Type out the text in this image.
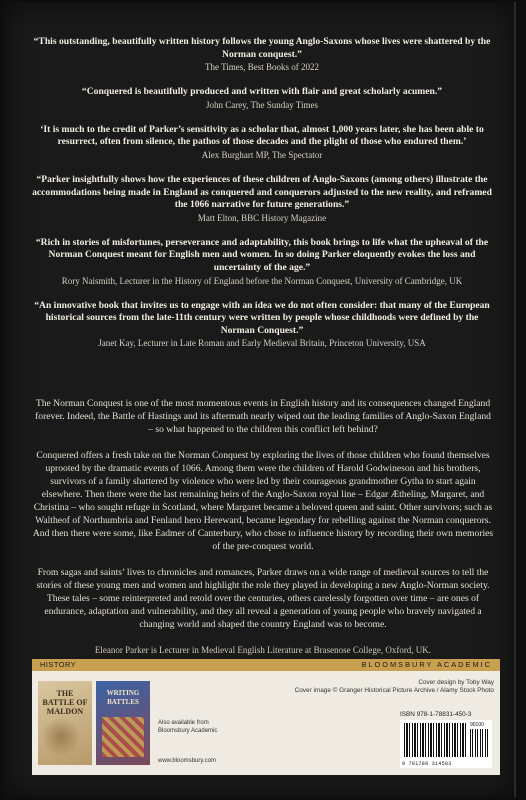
“This outstanding, beautifully written history follows the young Anglo-Saxons whose lives were shattered by the Norman conquest.”
The Times, Best Books of 2022
“Conquered is beautifully produced and written with flair and great scholarly acumen.”
John Carey, The Sunday Times
‘It is much to the credit of Parker’s sensitivity as a scholar that, almost 1,000 years later, she has been able to resurrect, often from silence, the pathos of those decades and the plight of those who endured them.’
Alex Burghart MP, The Spectator
“Parker insightfully shows how the experiences of these children of Anglo-Saxons (among others) illustrate the accommodations being made in England as conquered and conquerors adjusted to the new reality, and reframed the 1066 narrative for future generations.”
Matt Elton, BBC History Magazine
“Rich in stories of misfortunes, perseverance and adaptability, this book brings to life what the upheaval of the Norman Conquest meant for English men and women. In so doing Parker eloquently evokes the loss and uncertainty of the age.”
Rory Naismith, Lecturer in the History of England before the Norman Conquest, University of Cambridge, UK
“An innovative book that invites us to engage with an idea we do not often consider: that many of the European historical sources from the late-11th century were written by people whose childhoods were defined by the Norman Conquest.”
Janet Kay, Lecturer in Late Roman and Early Medieval Britain, Princeton University, USA

The Norman Conquest is one of the most momentous events in English history and its consequences changed England forever. Indeed, the Battle of Hastings and its aftermath nearly wiped out the leading families of Anglo-Saxon England – so what happened to the children this conflict left behind?

Conquered offers a fresh take on the Norman Conquest by exploring the lives of those children who found themselves uprooted by the dramatic events of 1066. Among them were the children of Harold Godwineson and his brothers, survivors of a family shattered by violence who were led by their courageous grandmother Gytha to start again elsewhere. Then there were the last remaining heirs of the Anglo-Saxon royal line – Edgar Ætheling, Margaret, and Christina – who sought refuge in Scotland, where Margaret became a beloved queen and saint. Other survivors; such as Waltheof of Northumbria and Fenland hero Hereward, became legendary for rebelling against the Norman conquerors. And then there were some, like Eadmer of Canterbury, who chose to influence history by recording their own memories of the pre-conquest world.

From sagas and saints’ lives to chronicles and romances, Parker draws on a wide range of medieval sources to tell the stories of these young men and women and highlight the role they played in developing a new Anglo-Norman society. These tales – some reinterpreted and retold over the centuries, others carelessly forgotten over time – are ones of endurance, adaptation and vulnerability, and they all reveal a generation of young people who bravely navigated a changing world and shaped the country England was to become.

Eleanor Parker is Lecturer in Medieval English Literature at Brasenose College, Oxford, UK.

HISTORY	BLOOMSBURY ACADEMIC
THE BATTLE OF MALDON
WRITING BATTLES
Also available from Bloomsbury Academic
www.bloomsbury.com
Cover design by Toby Way
Cover image © Granger Historical Picture Archive / Alamy Stock Photo
ISBN 978-1-78831-450-3
90100
9 781788 314503
